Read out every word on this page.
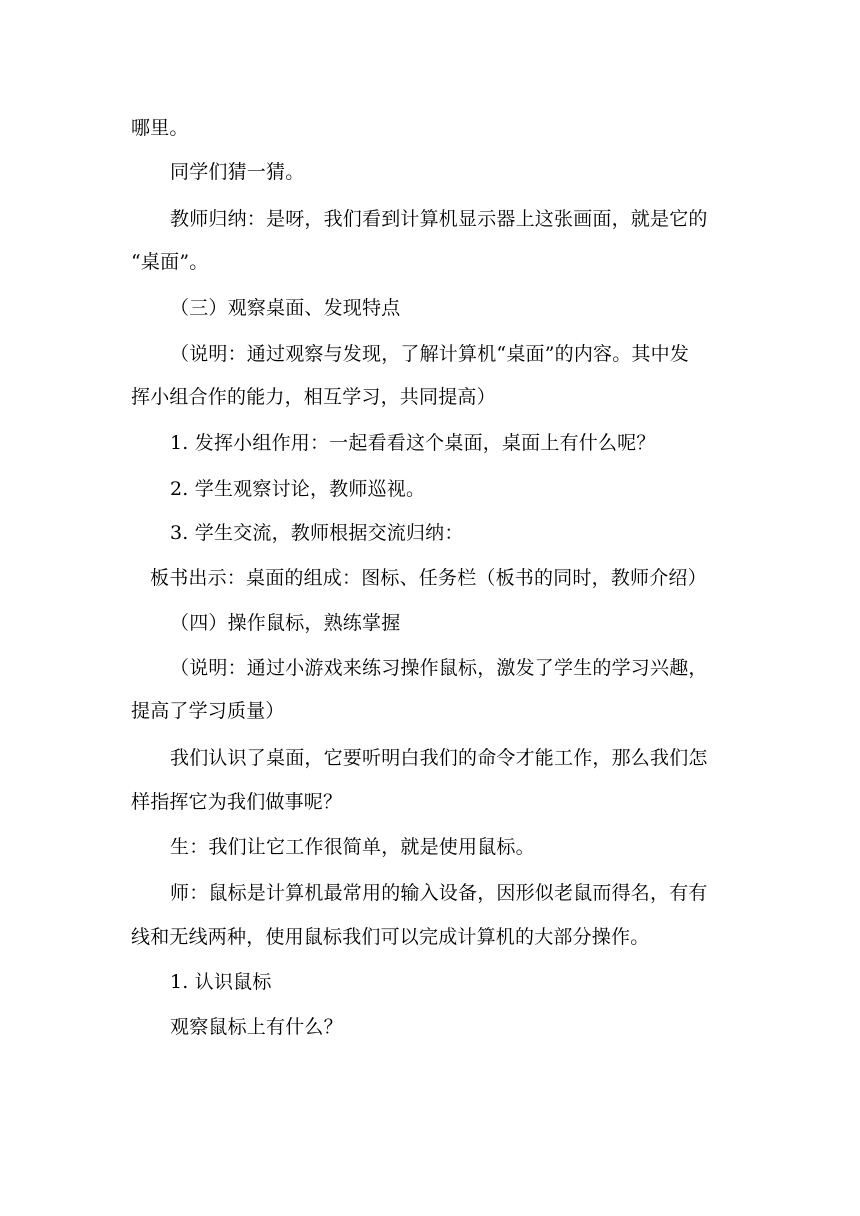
哪里。
同学们猜一猜。
教师归纳：是呀，我们看到计算机显示器上这张画面，就是它的
“桌面”。
（三）观察桌面、发现特点
（说明：通过观察与发现，了解计算机“桌面”的内容。其中发
挥小组合作的能力，相互学习，共同提高）
1. 发挥小组作用：一起看看这个桌面，桌面上有什么呢？
2. 学生观察讨论，教师巡视。
3. 学生交流，教师根据交流归纳：
板书出示：桌面的组成：图标、任务栏（板书的同时，教师介绍）
（四）操作鼠标，熟练掌握
（说明：通过小游戏来练习操作鼠标，激发了学生的学习兴趣，
提高了学习质量）
我们认识了桌面，它要听明白我们的命令才能工作，那么我们怎
样指挥它为我们做事呢？
生：我们让它工作很简单，就是使用鼠标。
师：鼠标是计算机最常用的输入设备，因形似老鼠而得名，有有
线和无线两种，使用鼠标我们可以完成计算机的大部分操作。
1. 认识鼠标
观察鼠标上有什么？
